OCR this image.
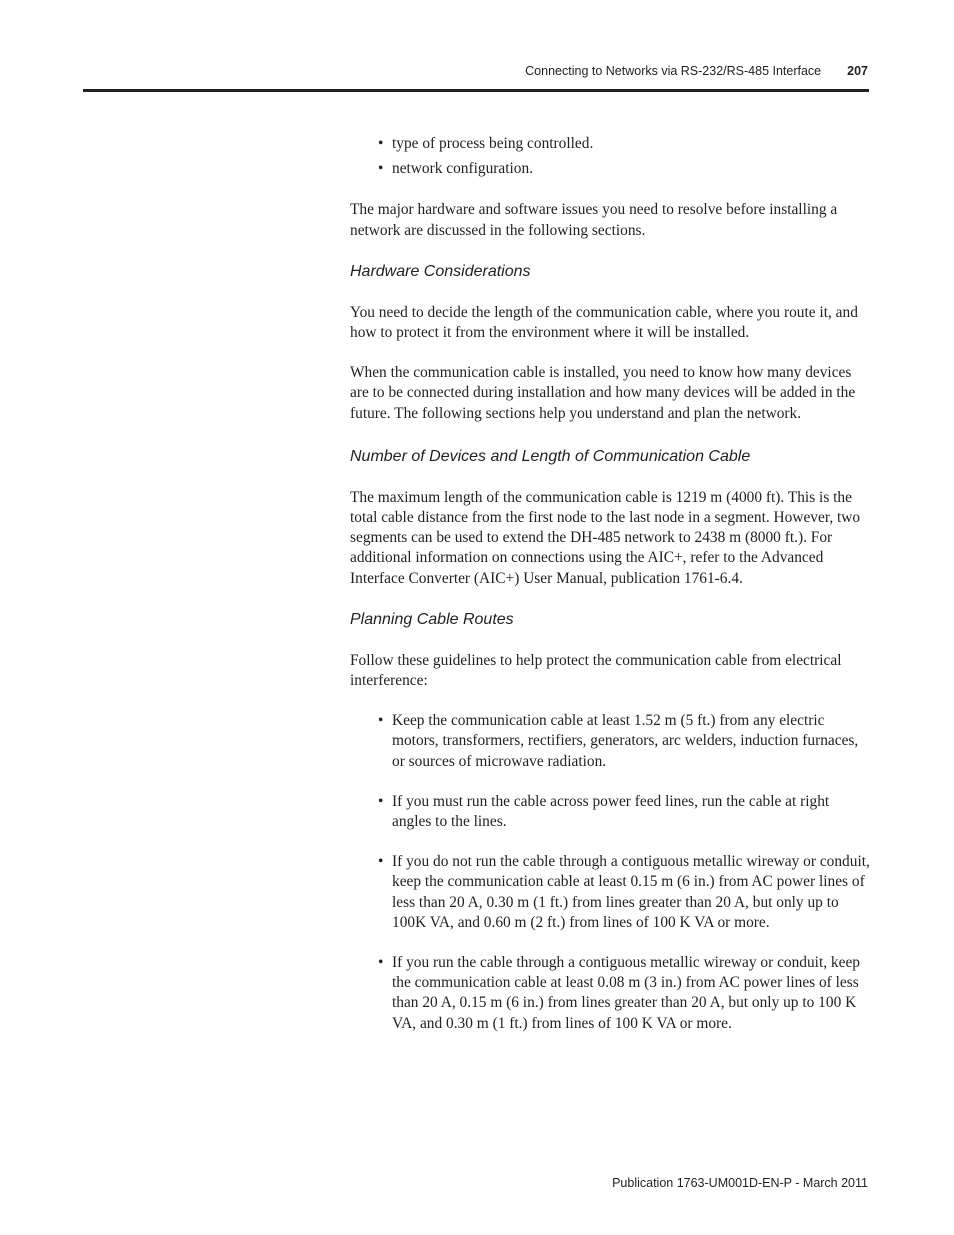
Connecting to Networks via RS-232/RS-485 Interface 207
• type of process being controlled.
• network configuration.

The major hardware and software issues you need to resolve before installing a network are discussed in the following sections.

Hardware Considerations

You need to decide the length of the communication cable, where you route it, and how to protect it from the environment where it will be installed.

When the communication cable is installed, you need to know how many devices are to be connected during installation and how many devices will be added in the future. The following sections help you understand and plan the network.

Number of Devices and Length of Communication Cable

The maximum length of the communication cable is 1219 m (4000 ft). This is the total cable distance from the first node to the last node in a segment. However, two segments can be used to extend the DH-485 network to 2438 m (8000 ft.). For additional information on connections using the AIC+, refer to the Advanced Interface Converter (AIC+) User Manual, publication 1761-6.4.

Planning Cable Routes

Follow these guidelines to help protect the communication cable from electrical interference:

• Keep the communication cable at least 1.52 m (5 ft.) from any electric motors, transformers, rectifiers, generators, arc welders, induction furnaces, or sources of microwave radiation.
• If you must run the cable across power feed lines, run the cable at right angles to the lines.
• If you do not run the cable through a contiguous metallic wireway or conduit, keep the communication cable at least 0.15 m (6 in.) from AC power lines of less than 20 A, 0.30 m (1 ft.) from lines greater than 20 A, but only up to 100K VA, and 0.60 m (2 ft.) from lines of 100 K VA or more.
• If you run the cable through a contiguous metallic wireway or conduit, keep the communication cable at least 0.08 m (3 in.) from AC power lines of less than 20 A, 0.15 m (6 in.) from lines greater than 20 A, but only up to 100 K VA, and 0.30 m (1 ft.) from lines of 100 K VA or more.
Publication 1763-UM001D-EN-P - March 2011
